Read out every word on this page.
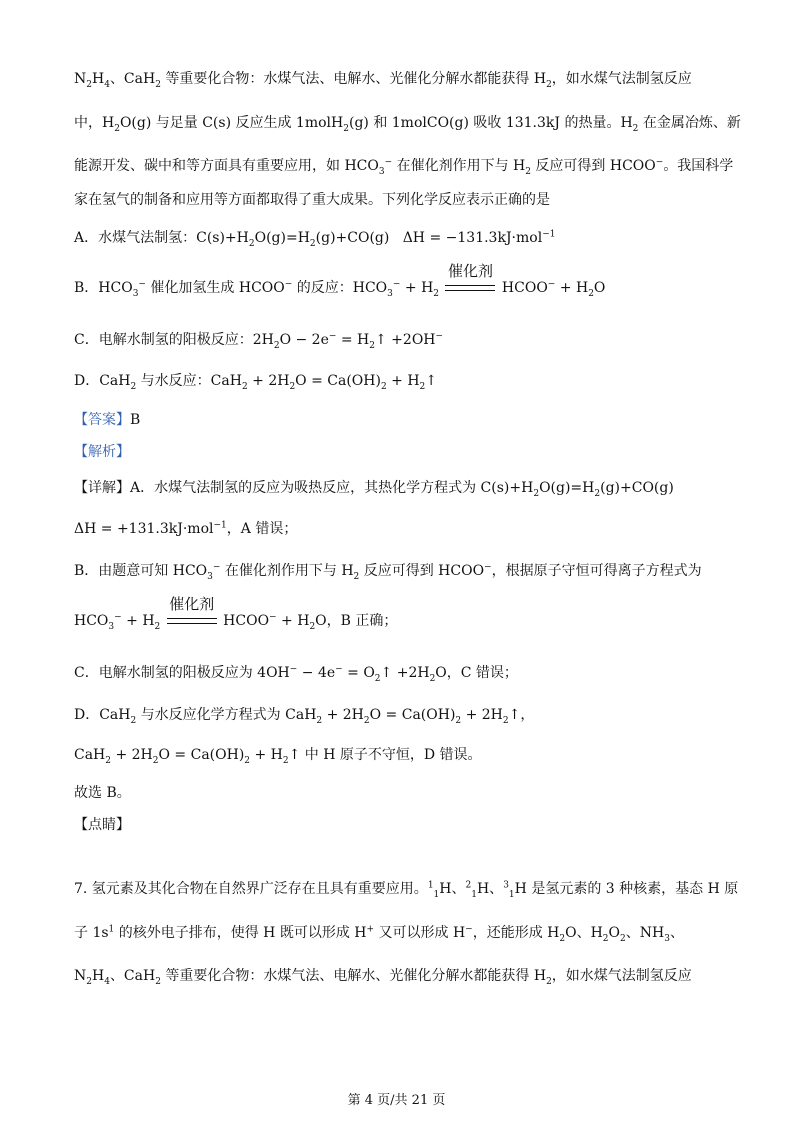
$N_2H_4$、CaH$_2$ 等重要化合物：水煤气法、电解水、光催化分解水都能获得 $H_2$，如水煤气法制氢反应
中，$H_2O(g)$ 与足量 C(s) 反应生成 1molH$_2$(g) 和 1molCO(g) 吸收 131.3kJ 的热量。$H_2$ 在金属冶炼、新
能源开发、碳中和等方面具有重要应用，如 $HCO_3^-$ 在催化剂作用下与 $H_2$ 反应可得到 HCOO−。我国科学
家在氢气的制备和应用等方面都取得了重大成果。下列化学反应表示正确的是
A．水煤气法制氢：$C(s)+H_2O(g)=H_2(g)+CO(g) \Delta H = -131.3kJ\cdot mol^{-1}$
B．$HCO_3^-$ 催化加氢生成 HCOO− 的反应：$HCO_3^- + H_2$
催化剂
HCOO− + $H_2O$
C．电解水制氢的阳极反应：$2H_2O - 2e^-$ = $H_2↑ +2OH^-$
D．CaH$_2$ 与水反应：$CaH_2 + 2H_2O = Ca(OH)_2$ + $H_2↑$
【答案】B
【解析】
【详解】A．水煤气法制氢的反应为吸热反应，其热化学方程式为 $C(s)+H_2O(g)=H_2(g)+CO(g)$
ΔH = +131.3kJ·mol$^{-1}$，A 错误；
B．由题意可知 $HCO_3^-$ 在催化剂作用下与 $H_2$ 反应可得到 HCOO−，根据原子守恒可得离子方程式为
$HCO_3^- + H_2$
催化剂
HCOO− + $H_2O$，B 正确；
C．电解水制氢的阳极反应为 $4OH^- - 4e^- = O_2↑ +2H_2O$，C 错误；
D．CaH$_2$ 与水反应化学方程式为 $CaH_2 + 2H_2O = Ca(OH)_2$ + $2H_2↑$，
$CaH_2 + 2H_2O = Ca(OH)_2$ + $H_2↑$ 中 H 原子不守恒，D 错误。
故选 B。
【点睛】
7. 氢元素及其化合物在自然界广泛存在且具有重要应用。$^1_1$H、$^2_1$H、$^3_1$H 是氢元素的 3 种核素，基态 H 原
子 $1s^1$ 的核外电子排布，使得 H 既可以形成 H+ 又可以形成 H−，还能形成 $H_2O$、$H_2O_2$、$NH_3$、
$N_2H_4$、CaH$_2$ 等重要化合物：水煤气法、电解水、光催化分解水都能获得 $H_2$，如水煤气法制氢反应
第 4 页/共 21 页
